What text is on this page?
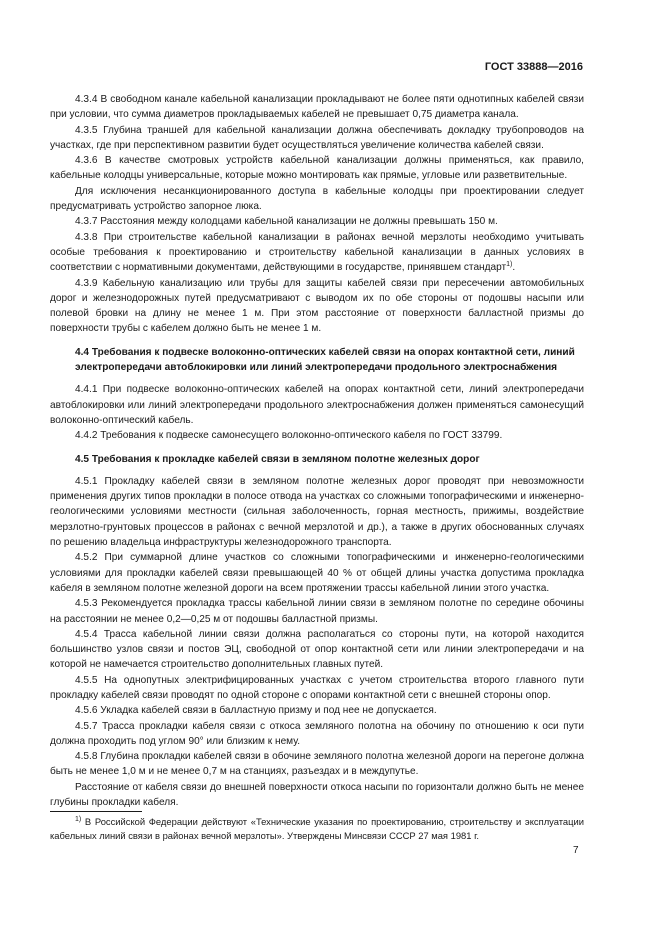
ГОСТ 33888—2016

4.3.4 В свободном канале кабельной канализации прокладывают не более пяти однотипных кабелей связи при условии, что сумма диаметров прокладываемых кабелей не превышает 0,75 диаметра канала.

4.3.5 Глубина траншей для кабельной канализации должна обеспечивать докладку трубопроводов на участках, где при перспективном развитии будет осуществляться увеличение количества кабелей связи.

4.3.6 В качестве смотровых устройств кабельной канализации должны применяться, как правило, кабельные колодцы универсальные, которые можно монтировать как прямые, угловые или разветвительные.

Для исключения несанкционированного доступа в кабельные колодцы при проектировании следует предусматривать устройство запорное люка.

4.3.7 Расстояния между колодцами кабельной канализации не должны превышать 150 м.

4.3.8 При строительстве кабельной канализации в районах вечной мерзлоты необходимо учитывать особые требования к проектированию и строительству кабельной канализации в данных условиях в соответствии с нормативными документами, действующими в государстве, принявшем стандарт$^{1)}$.

4.3.9 Кабельную канализацию или трубы для защиты кабелей связи при пересечении автомобильных дорог и железнодорожных путей предусматривают с выводом их по обе стороны от подошвы насыпи или полевой бровки на длину не менее 1 м. При этом расстояние от поверхности балластной призмы до поверхности трубы с кабелем должно быть не менее 1 м.

4.4 Требования к подвеске волоконно-оптических кабелей связи на опорах контактной сети, линий электропередачи автоблокировки или линий электропередачи продольного электроснабжения

4.4.1 При подвеске волоконно-оптических кабелей на опорах контактной сети, линий электропередачи автоблокировки или линий электропередачи продольного электроснабжения должен применяться самонесущий волоконно-оптический кабель.

4.4.2 Требования к подвеске самонесущего волоконно-оптического кабеля по ГОСТ 33799.

4.5 Требования к прокладке кабелей связи в земляном полотне железных дорог

4.5.1 Прокладку кабелей связи в земляном полотне железных дорог проводят при невозможности применения других типов прокладки в полосе отвода на участках со сложными топографическими и инженерно-геологическими условиями местности (сильная заболоченность, горная местность, прижимы, воздействие мерзлотно-грунтовых процессов в районах с вечной мерзлотой и др.), а также в других обоснованных случаях по решению владельца инфраструктуры железнодорожного транспорта.

4.5.2 При суммарной длине участков со сложными топографическими и инженерно-геологическими условиями для прокладки кабелей связи превышающей 40 % от общей длины участка допустима прокладка кабеля в земляном полотне железной дороги на всем протяжении трассы кабельной линии этого участка.

4.5.3 Рекомендуется прокладка трассы кабельной линии связи в земляном полотне по середине обочины на расстоянии не менее 0,2—0,25 м от подошвы балластной призмы.

4.5.4 Трасса кабельной линии связи должна располагаться со стороны пути, на которой находится большинство узлов связи и постов ЭЦ, свободной от опор контактной сети или линии электропередачи и на которой не намечается строительство дополнительных главных путей.

4.5.5 На однопутных электрифицированных участках с учетом строительства второго главного пути прокладку кабелей связи проводят по одной стороне с опорами контактной сети с внешней стороны опор.

4.5.6 Укладка кабелей связи в балластную призму и под нее не допускается.

4.5.7 Трасса прокладки кабеля связи с откоса земляного полотна на обочину по отношению к оси пути должна проходить под углом 90° или близким к нему.

4.5.8 Глубина прокладки кабелей связи в обочине земляного полотна железной дороги на перегоне должна быть не менее 1,0 м и не менее 0,7 м на станциях, разъездах и в междупутье.

Расстояние от кабеля связи до внешней поверхности откоса насыпи по горизонтали должно быть не менее глубины прокладки кабеля.

$^{1)}$ В Российской Федерации действуют «Технические указания по проектированию, строительству и эксплуатации кабельных линий связи в районах вечной мерзлоты». Утверждены Минсвязи СССР 27 мая 1981 г.

7
